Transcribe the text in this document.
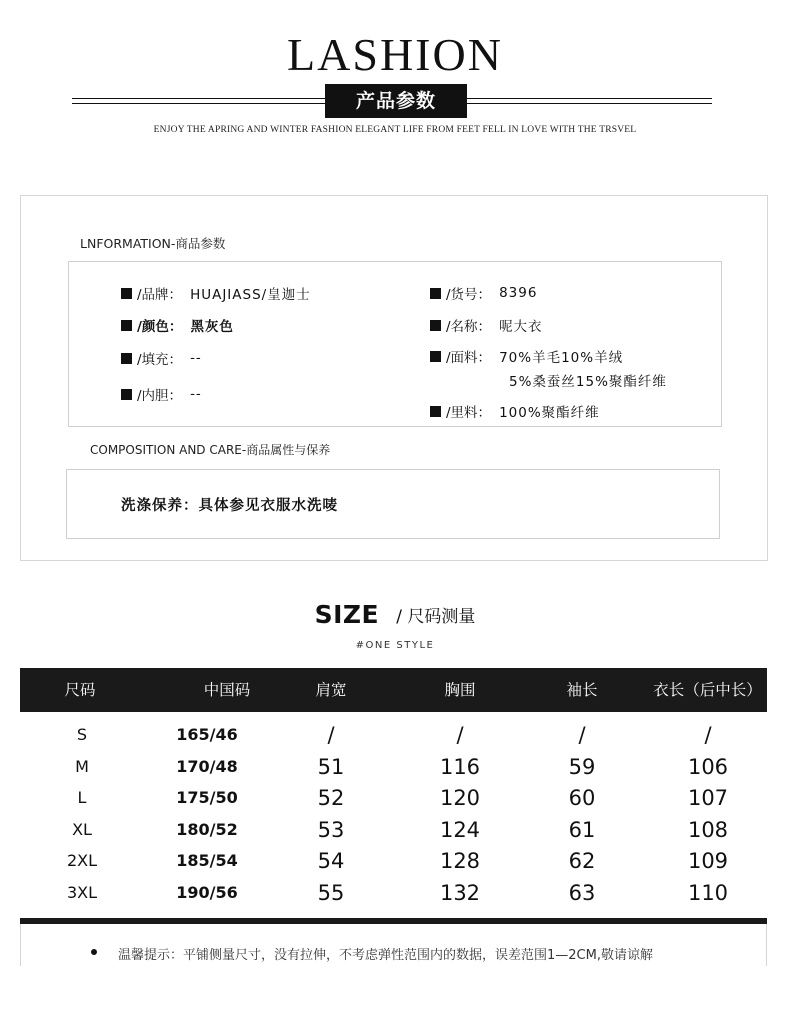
LASHION
产品参数
ENJOY THE APRING AND WINTER FASHION ELEGANT LIFE FROM FEET FELL IN LOVE WITH THE TRSVEL
LNFORMATION-商品参数
/品牌： HUAJIASS/皇迦士
/颜色： 黑灰色
/填充： --
/内胆： --
/货号： 8396
/名称： 呢大衣
/面料： 70%羊毛10%羊绒
5%桑蚕丝15%聚酯纤维
/里料： 100%聚酯纤维
COMPOSITION AND CARE-商品属性与保养
洗涤保养：具体参见衣服水洗唛
SIZE / 尺码测量
#ONE STYLE
尺码	中国码	肩宽	胸围	袖长	衣长（后中长）
S	165/46	/	/	/	/
M	170/48	51	116	59	106
L	175/50	52	120	60	107
XL	180/52	53	124	61	108
2XL	185/54	54	128	62	109
3XL	190/56	55	132	63	110
温馨提示：平铺侧量尺寸，没有拉伸，不考虑弹性范围内的数据，误差范围1—2CM,敬请谅解
